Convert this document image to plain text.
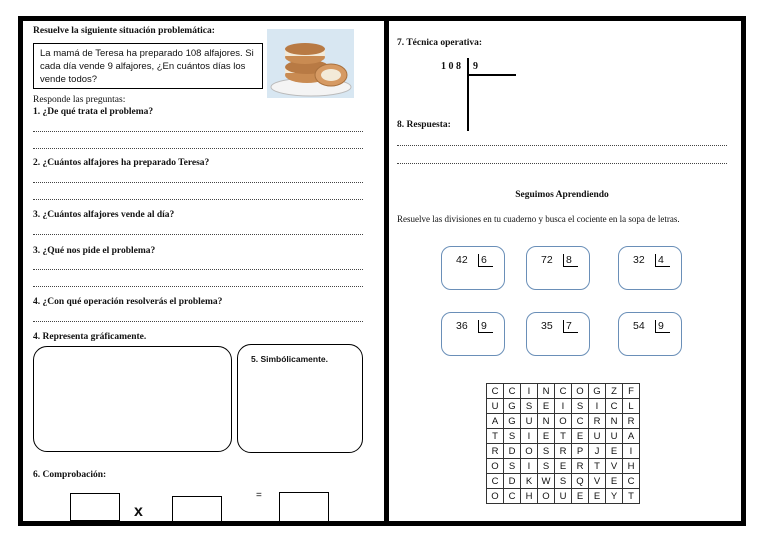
Resuelve la siguiente situación problemática:
La mamá de Teresa ha preparado 108 alfajores. Si cada día vende 9 alfajores, ¿En cuántos días los vende todos?
Responde las preguntas:
1. ¿De qué trata el problema?
2. ¿Cuántos alfajores ha preparado Teresa?
3. ¿Cuántos alfajores vende al día?
3. ¿Qué nos pide el problema?
4. ¿Con qué operación resolverás el problema?
4. Representa gráficamente.
5. Simbólicamente.
6. Comprobación:
x
=
7. Técnica operativa:
1 0 8 9
8. Respuesta:
Seguimos Aprendiendo
Resuelve las divisiones en tu cuaderno y busca el cociente en la sopa de letras.
42 6	72 8	32 4
36 9	35 7	54 9
C	C	I	N	C	O	G	Z	F
U	G	S	E	I	S	I	C	L
A	G	U	N	O	C	R	N	R
T	S	I	E	T	E	U	U	A
R	D	O	S	R	P	J	E	I
O	S	I	S	E	R	T	V	H
C	D	K	W	S	Q	V	E	C
O	C	H	O	U	E	E	Y	T
